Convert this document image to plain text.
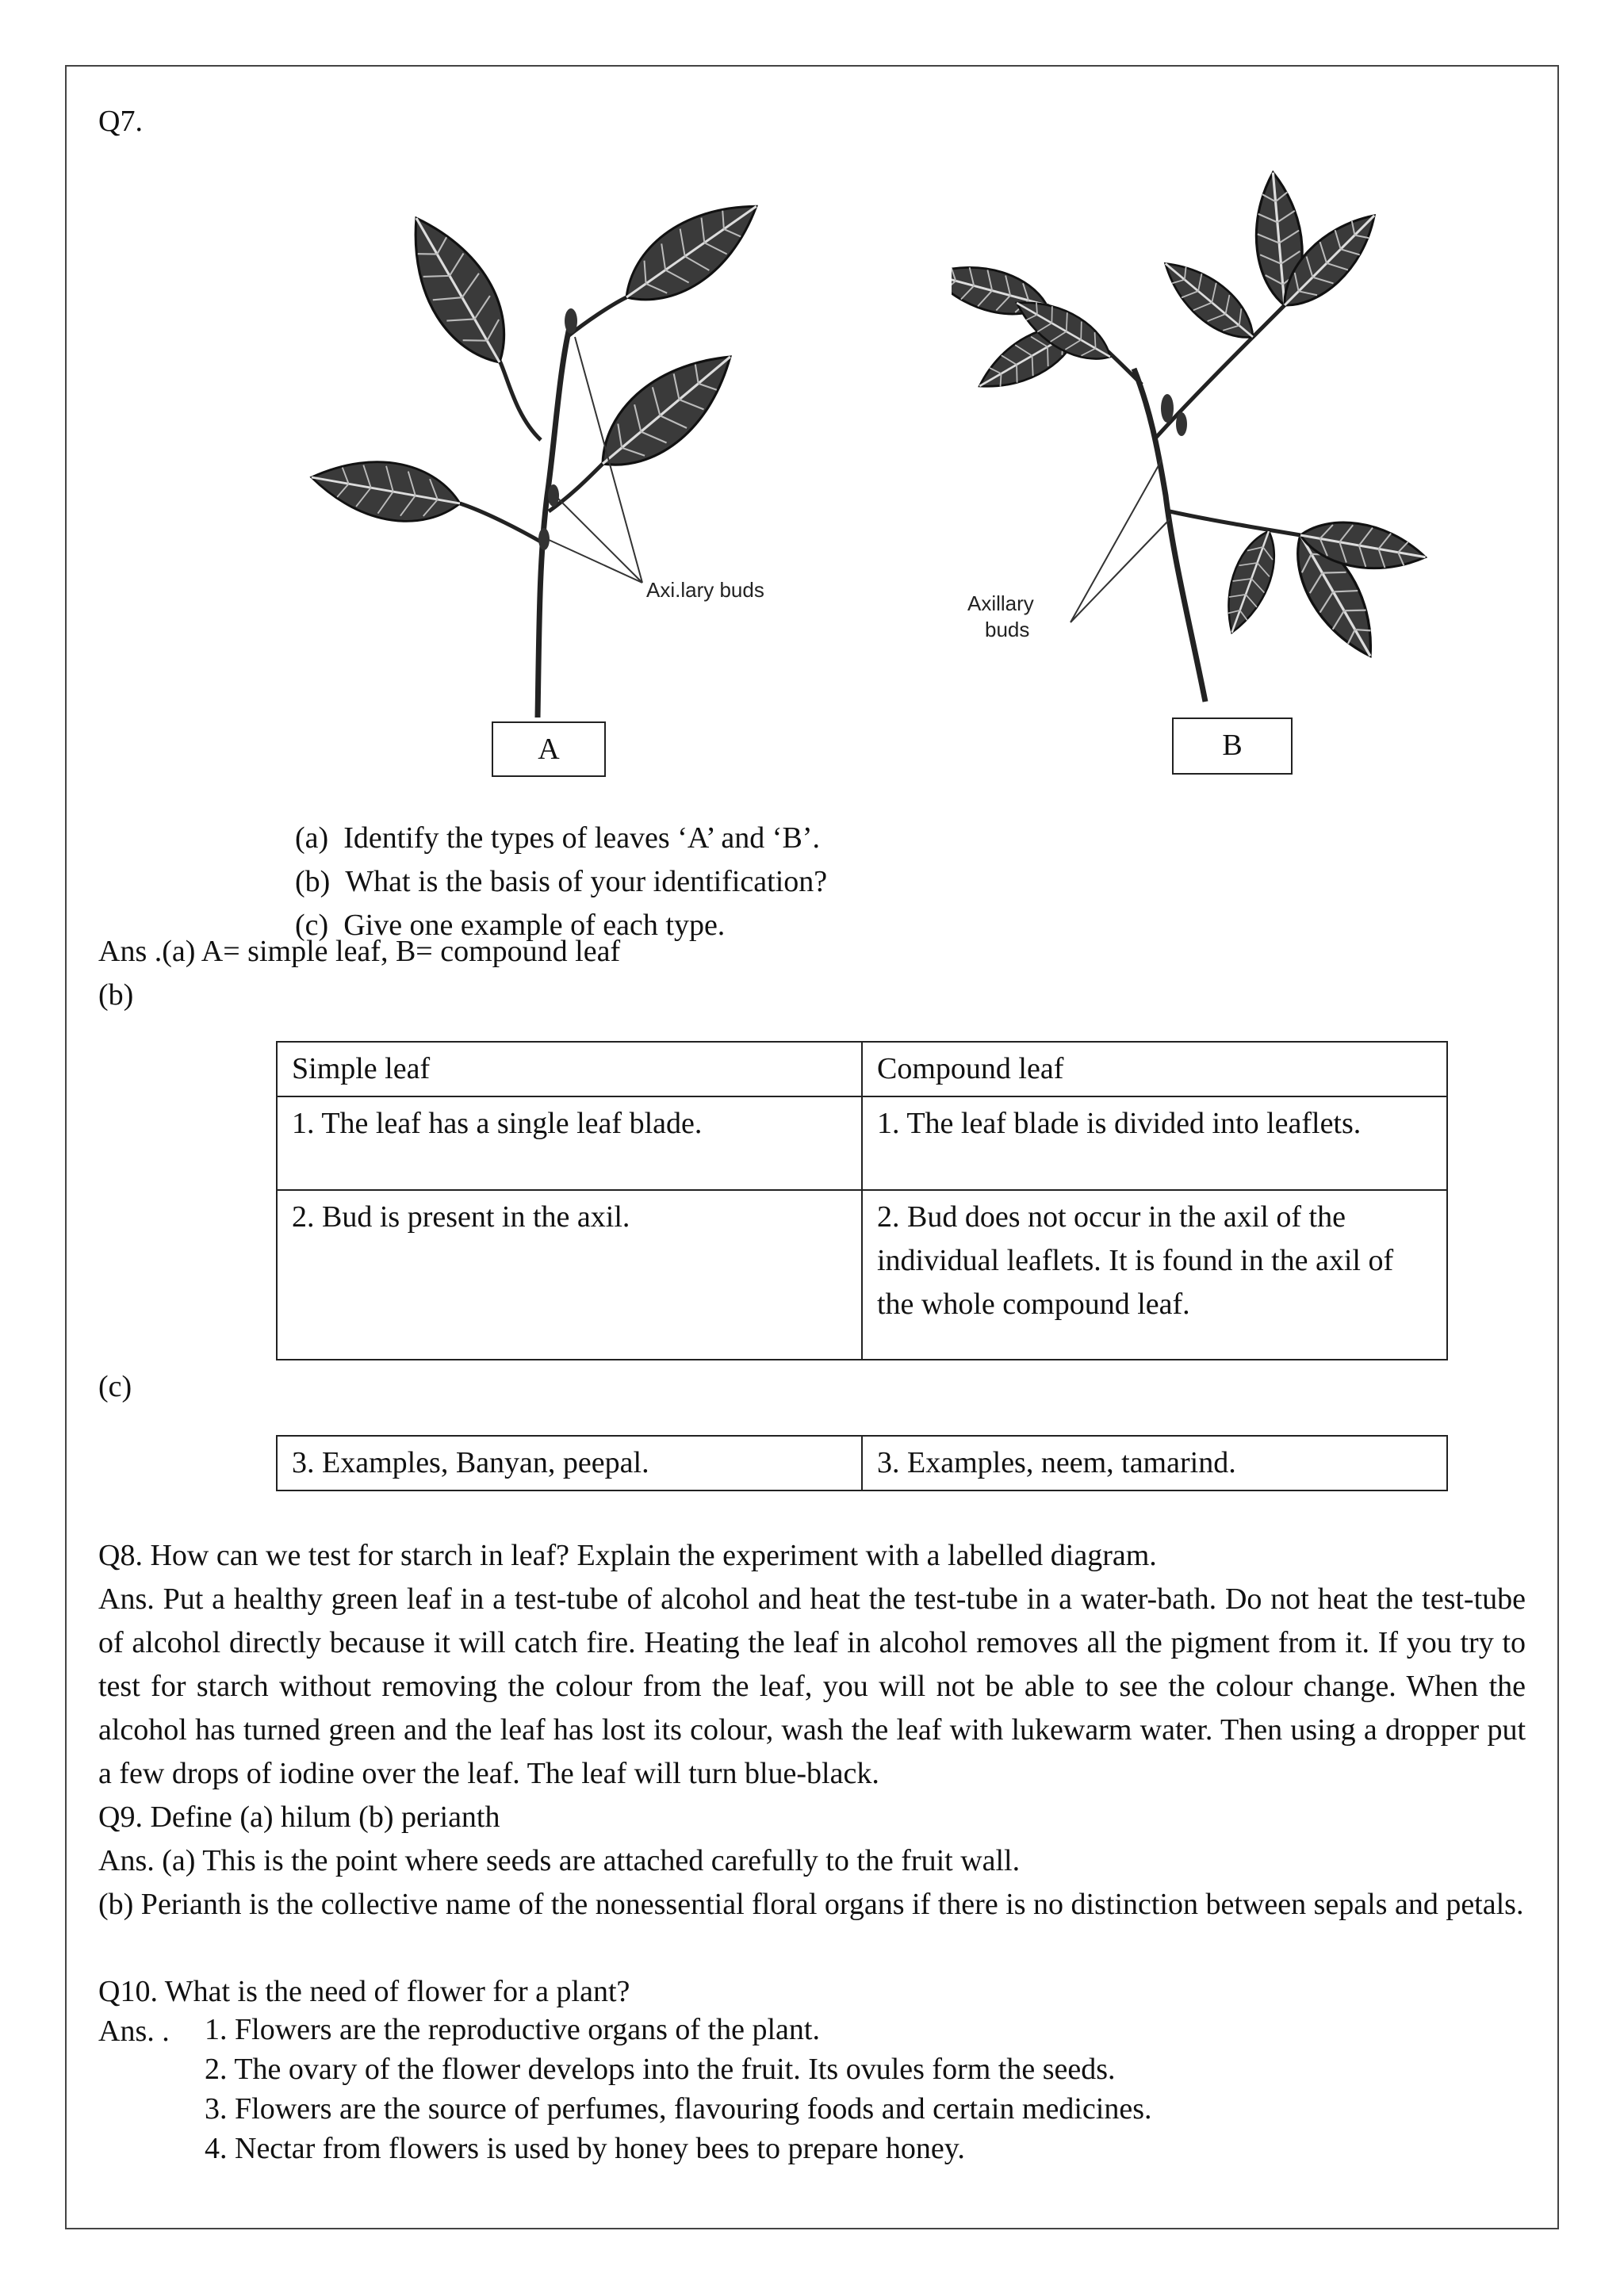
Q7.
Axi.lary buds
A
Axillary
buds
B
(a) Identify the types of leaves ‘A’ and ‘B’.
(b) What is the basis of your identification?
(c) Give one example of each type.
Ans .(a) A= simple leaf, B= compound leaf
(b)
Simple leaf	Compound leaf
1. The leaf has a single leaf blade.	1. The leaf blade is divided into leaflets.
2. Bud is present in the axil.	2. Bud does not occur in the axil of the individual leaflets. It is found in the axil of the whole compound leaf.
(c)
3. Examples, Banyan, peepal.	3. Examples, neem, tamarind.
Q8. How can we test for starch in leaf? Explain the experiment with a labelled diagram.
Ans. Put a healthy green leaf in a test-tube of alcohol and heat the test-tube in a water-bath. Do not heat the test-tube of alcohol directly because it will catch fire. Heating the leaf in alcohol removes all the pigment from it. If you try to test for starch without removing the colour from the leaf, you will not be able to see the colour change. When the alcohol has turned green and the leaf has lost its colour, wash the leaf with lukewarm water. Then using a dropper put a few drops of iodine over the leaf. The leaf will turn blue-black.
Q9. Define (a) hilum (b) perianth
Ans. (a) This is the point where seeds are attached carefully to the fruit wall.
(b) Perianth is the collective name of the nonessential floral organs if there is no distinction between sepals and petals.
Q10. What is the need of flower for a plant?
Ans. . 1. Flowers are the reproductive organs of the plant.
2. The ovary of the flower develops into the fruit. Its ovules form the seeds.
3. Flowers are the source of perfumes, flavouring foods and certain medicines.
4. Nectar from flowers is used by honey bees to prepare honey.
